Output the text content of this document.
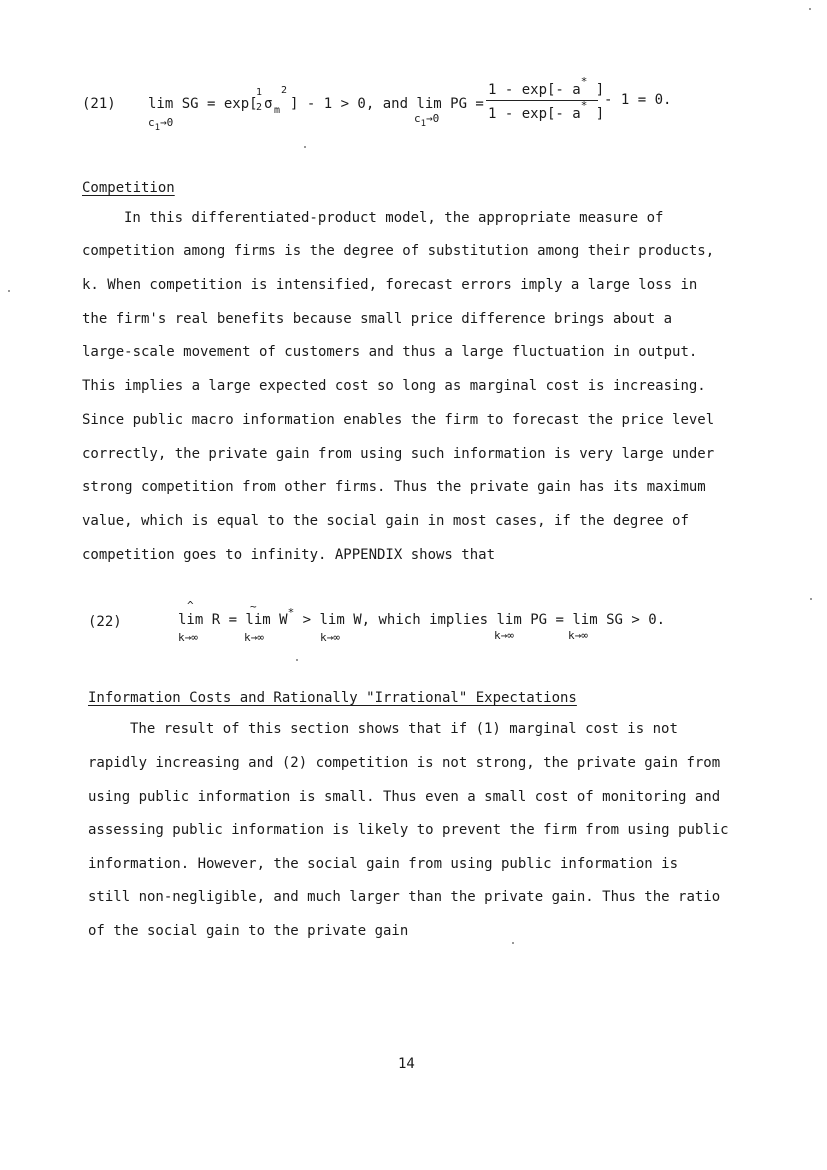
(21) lim SG = exp[
1
2 σ m
2
] - 1 > 0, and lim PG =
$c_1\to 0$	$c_1\to 0$
1 - exp[- a* ]
1 - exp[- a* ]
- 1 = 0.
Competition
In this differentiated-product model, the appropriate measure of
competition among firms is the degree of substitution among their products,
k. When competition is intensified, forecast errors imply a large loss in
the firm's real benefits because small price difference brings about a
large-scale movement of customers and thus a large fluctuation in output.
This implies a large expected cost so long as marginal cost is increasing.
Since public macro information enables the firm to forecast the price level
correctly, the private gain from using such information is very large under
strong competition from other firms. Thus the private gain has its maximum
value, which is equal to the social gain in most cases, if the degree of
competition goes to infinity. APPENDIX shows that
(22)
^	~
lim R = lim W* > lim W, which implies lim PG = lim SG > 0.
k→∞	k→∞	k→∞	k→∞	k→∞
Information Costs and Rationally "Irrational" Expectations
The result of this section shows that if (1) marginal cost is not
rapidly increasing and (2) competition is not strong, the private gain from
using public information is small. Thus even a small cost of monitoring and
assessing public information is likely to prevent the firm from using public
information. However, the social gain from using public information is
still non-negligible, and much larger than the private gain. Thus the ratio
of the social gain to the private gain
14
